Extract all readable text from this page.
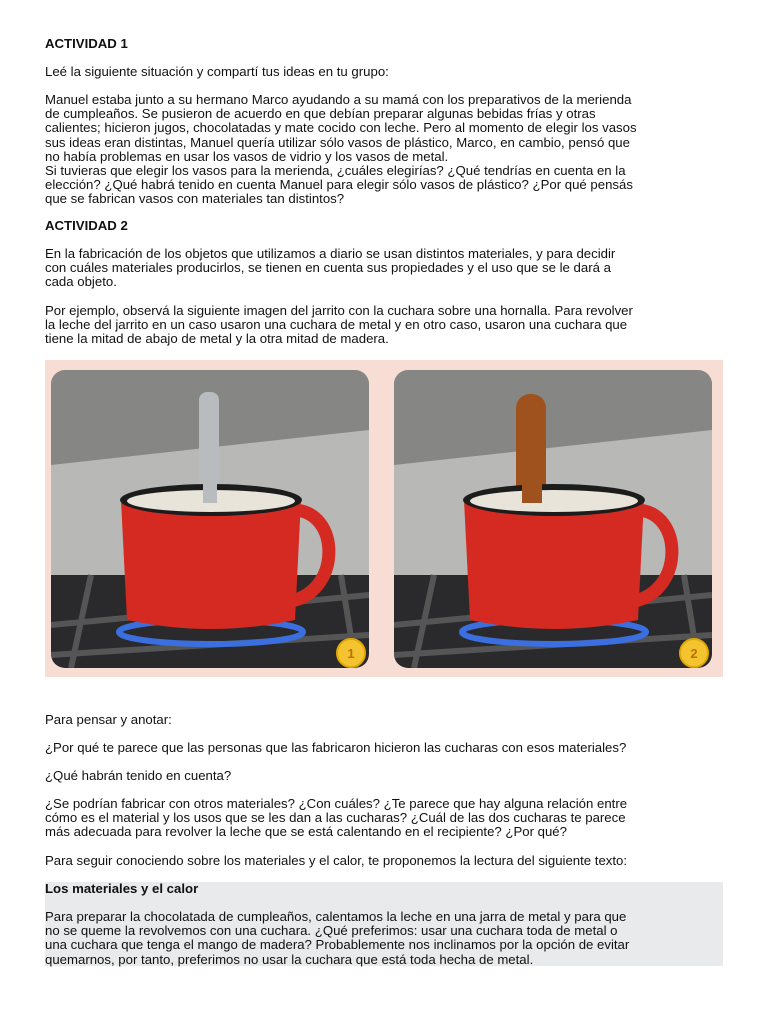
ACTIVIDAD 1

Leé la siguiente situación y compartí tus ideas en tu grupo:

Manuel estaba junto a su hermano Marco ayudando a su mamá con los preparativos de la merienda
de cumpleaños. Se pusieron de acuerdo en que debían preparar algunas bebidas frías y otras
calientes; hicieron jugos, chocolatadas y mate cocido con leche. Pero al momento de elegir los vasos
sus ideas eran distintas, Manuel quería utilizar sólo vasos de plástico, Marco, en cambio, pensó que
no había problemas en usar los vasos de vidrio y los vasos de metal.
Si tuvieras que elegir los vasos para la merienda, ¿cuáles elegirías? ¿Qué tendrías en cuenta en la
elección? ¿Qué habrá tenido en cuenta Manuel para elegir sólo vasos de plástico? ¿Por qué pensás
que se fabrican vasos con materiales tan distintos?

ACTIVIDAD 2

En la fabricación de los objetos que utilizamos a diario se usan distintos materiales, y para decidir
con cuáles materiales producirlos, se tienen en cuenta sus propiedades y el uso que se le dará a
cada objeto.

Por ejemplo, observá la siguiente imagen del jarrito con la cuchara sobre una hornalla. Para revolver
la leche del jarrito en un caso usaron una cuchara de metal y en otro caso, usaron una cuchara que
tiene la mitad de abajo de metal y la otra mitad de madera.

1	2

Para pensar y anotar:

¿Por qué te parece que las personas que las fabricaron hicieron las cucharas con esos materiales?

¿Qué habrán tenido en cuenta?

¿Se podrían fabricar con otros materiales? ¿Con cuáles? ¿Te parece que hay alguna relación entre
cómo es el material y los usos que se les dan a las cucharas? ¿Cuál de las dos cucharas te parece
más adecuada para revolver la leche que se está calentando en el recipiente? ¿Por qué?

Para seguir conociendo sobre los materiales y el calor, te proponemos la lectura del siguiente texto:

Los materiales y el calor

Para preparar la chocolatada de cumpleaños, calentamos la leche en una jarra de metal y para que
no se queme la revolvemos con una cuchara. ¿Qué preferimos: usar una cuchara toda de metal o
una cuchara que tenga el mango de madera? Probablemente nos inclinamos por la opción de evitar
quemarnos, por tanto, preferimos no usar la cuchara que está toda hecha de metal.
